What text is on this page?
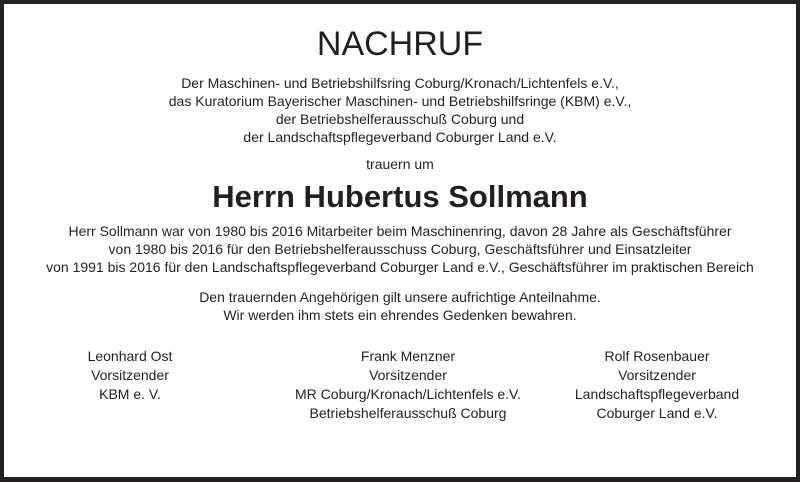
NACHRUF
Der Maschinen- und Betriebshilfsring Coburg/Kronach/Lichtenfels e.V.,
das Kuratorium Bayerischer Maschinen- und Betriebshilfsringe (KBM) e.V.,
der Betriebshelferausschuß Coburg und
der Landschaftspflegeverband Coburger Land e.V.
trauern um
Herrn Hubertus Sollmann
Herr Sollmann war von 1980 bis 2016 Mitarbeiter beim Maschinenring, davon 28 Jahre als Geschäftsführer
von 1980 bis 2016 für den Betriebshelferausschuss Coburg, Geschäftsführer und Einsatzleiter
von 1991 bis 2016 für den Landschaftspflegeverband Coburger Land e.V., Geschäftsführer im praktischen Bereich
Den trauernden Angehörigen gilt unsere aufrichtige Anteilnahme.
Wir werden ihm stets ein ehrendes Gedenken bewahren.
Leonhard Ost
Vorsitzender
KBM e. V.
Frank Menzner
Vorsitzender
MR Coburg/Kronach/Lichtenfels e.V.
Betriebshelferausschuß Coburg
Rolf Rosenbauer
Vorsitzender
Landschaftspflegeverband
Coburger Land e.V.
